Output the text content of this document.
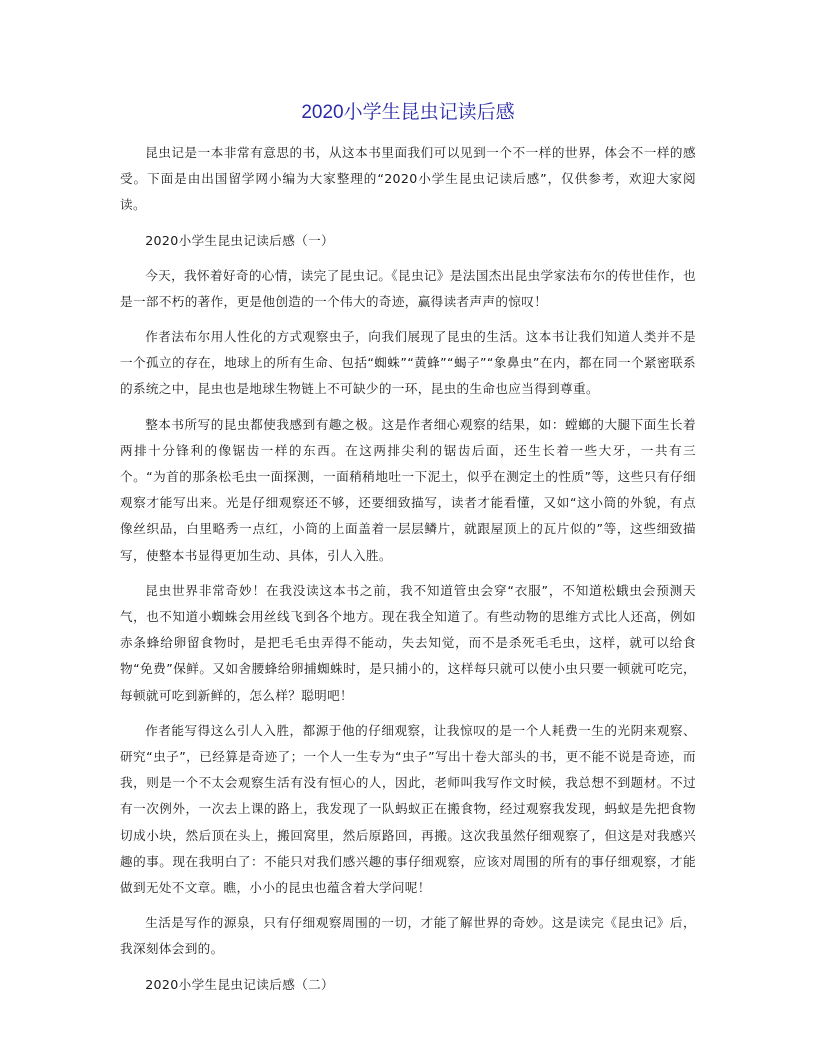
2020小学生昆虫记读后感

昆虫记是一本非常有意思的书，从这本书里面我们可以见到一个不一样的世界，体会不一样的感受。下面是由出国留学网小编为大家整理的“2020小学生昆虫记读后感”，仅供参考，欢迎大家阅读。

2020小学生昆虫记读后感（一）

今天，我怀着好奇的心情，读完了昆虫记。《昆虫记》是法国杰出昆虫学家法布尔的传世佳作，也是一部不朽的著作，更是他创造的一个伟大的奇迹，赢得读者声声的惊叹！

作者法布尔用人性化的方式观察虫子，向我们展现了昆虫的生活。这本书让我们知道人类并不是一个孤立的存在，地球上的所有生命、包括“蜘蛛”“黄蜂”“蝎子”“象鼻虫”在内，都在同一个紧密联系的系统之中，昆虫也是地球生物链上不可缺少的一环，昆虫的生命也应当得到尊重。

整本书所写的昆虫都使我感到有趣之极。这是作者细心观察的结果，如：螳螂的大腿下面生长着两排十分锋利的像锯齿一样的东西。在这两排尖利的锯齿后面，还生长着一些大牙，一共有三个。“为首的那条松毛虫一面探测，一面稍稍地吐一下泥土，似乎在测定土的性质”等，这些只有仔细观察才能写出来。光是仔细观察还不够，还要细致描写，读者才能看懂，又如“这小筒的外貌，有点像丝织品，白里略秀一点红，小筒的上面盖着一层层鳞片，就跟屋顶上的瓦片似的”等，这些细致描写，使整本书显得更加生动、具体，引人入胜。

昆虫世界非常奇妙！在我没读这本书之前，我不知道管虫会穿“衣服”，不知道松蛾虫会预测天气，也不知道小蜘蛛会用丝线飞到各个地方。现在我全知道了。有些动物的思维方式比人还高，例如赤条蜂给卵留食物时，是把毛毛虫弄得不能动，失去知觉，而不是杀死毛毛虫，这样，就可以给食物“免费”保鲜。又如舍腰蜂给卵捕蜘蛛时，是只捕小的，这样每只就可以使小虫只要一顿就可吃完，每顿就可吃到新鲜的，怎么样？聪明吧！

作者能写得这么引人入胜，都源于他的仔细观察，让我惊叹的是一个人耗费一生的光阴来观察、研究“虫子”，已经算是奇迹了；一个人一生专为“虫子”写出十卷大部头的书，更不能不说是奇迹，而我，则是一个不太会观察生活有没有恒心的人，因此，老师叫我写作文时候，我总想不到题材。不过有一次例外，一次去上课的路上，我发现了一队蚂蚁正在搬食物，经过观察我发现，蚂蚁是先把食物切成小块，然后顶在头上，搬回窝里，然后原路回，再搬。这次我虽然仔细观察了，但这是对我感兴趣的事。现在我明白了：不能只对我们感兴趣的事仔细观察，应该对周围的所有的事仔细观察，才能做到无处不文章。瞧，小小的昆虫也蕴含着大学问呢！

生活是写作的源泉，只有仔细观察周围的一切，才能了解世界的奇妙。这是读完《昆虫记》后，我深刻体会到的。

2020小学生昆虫记读后感（二）
